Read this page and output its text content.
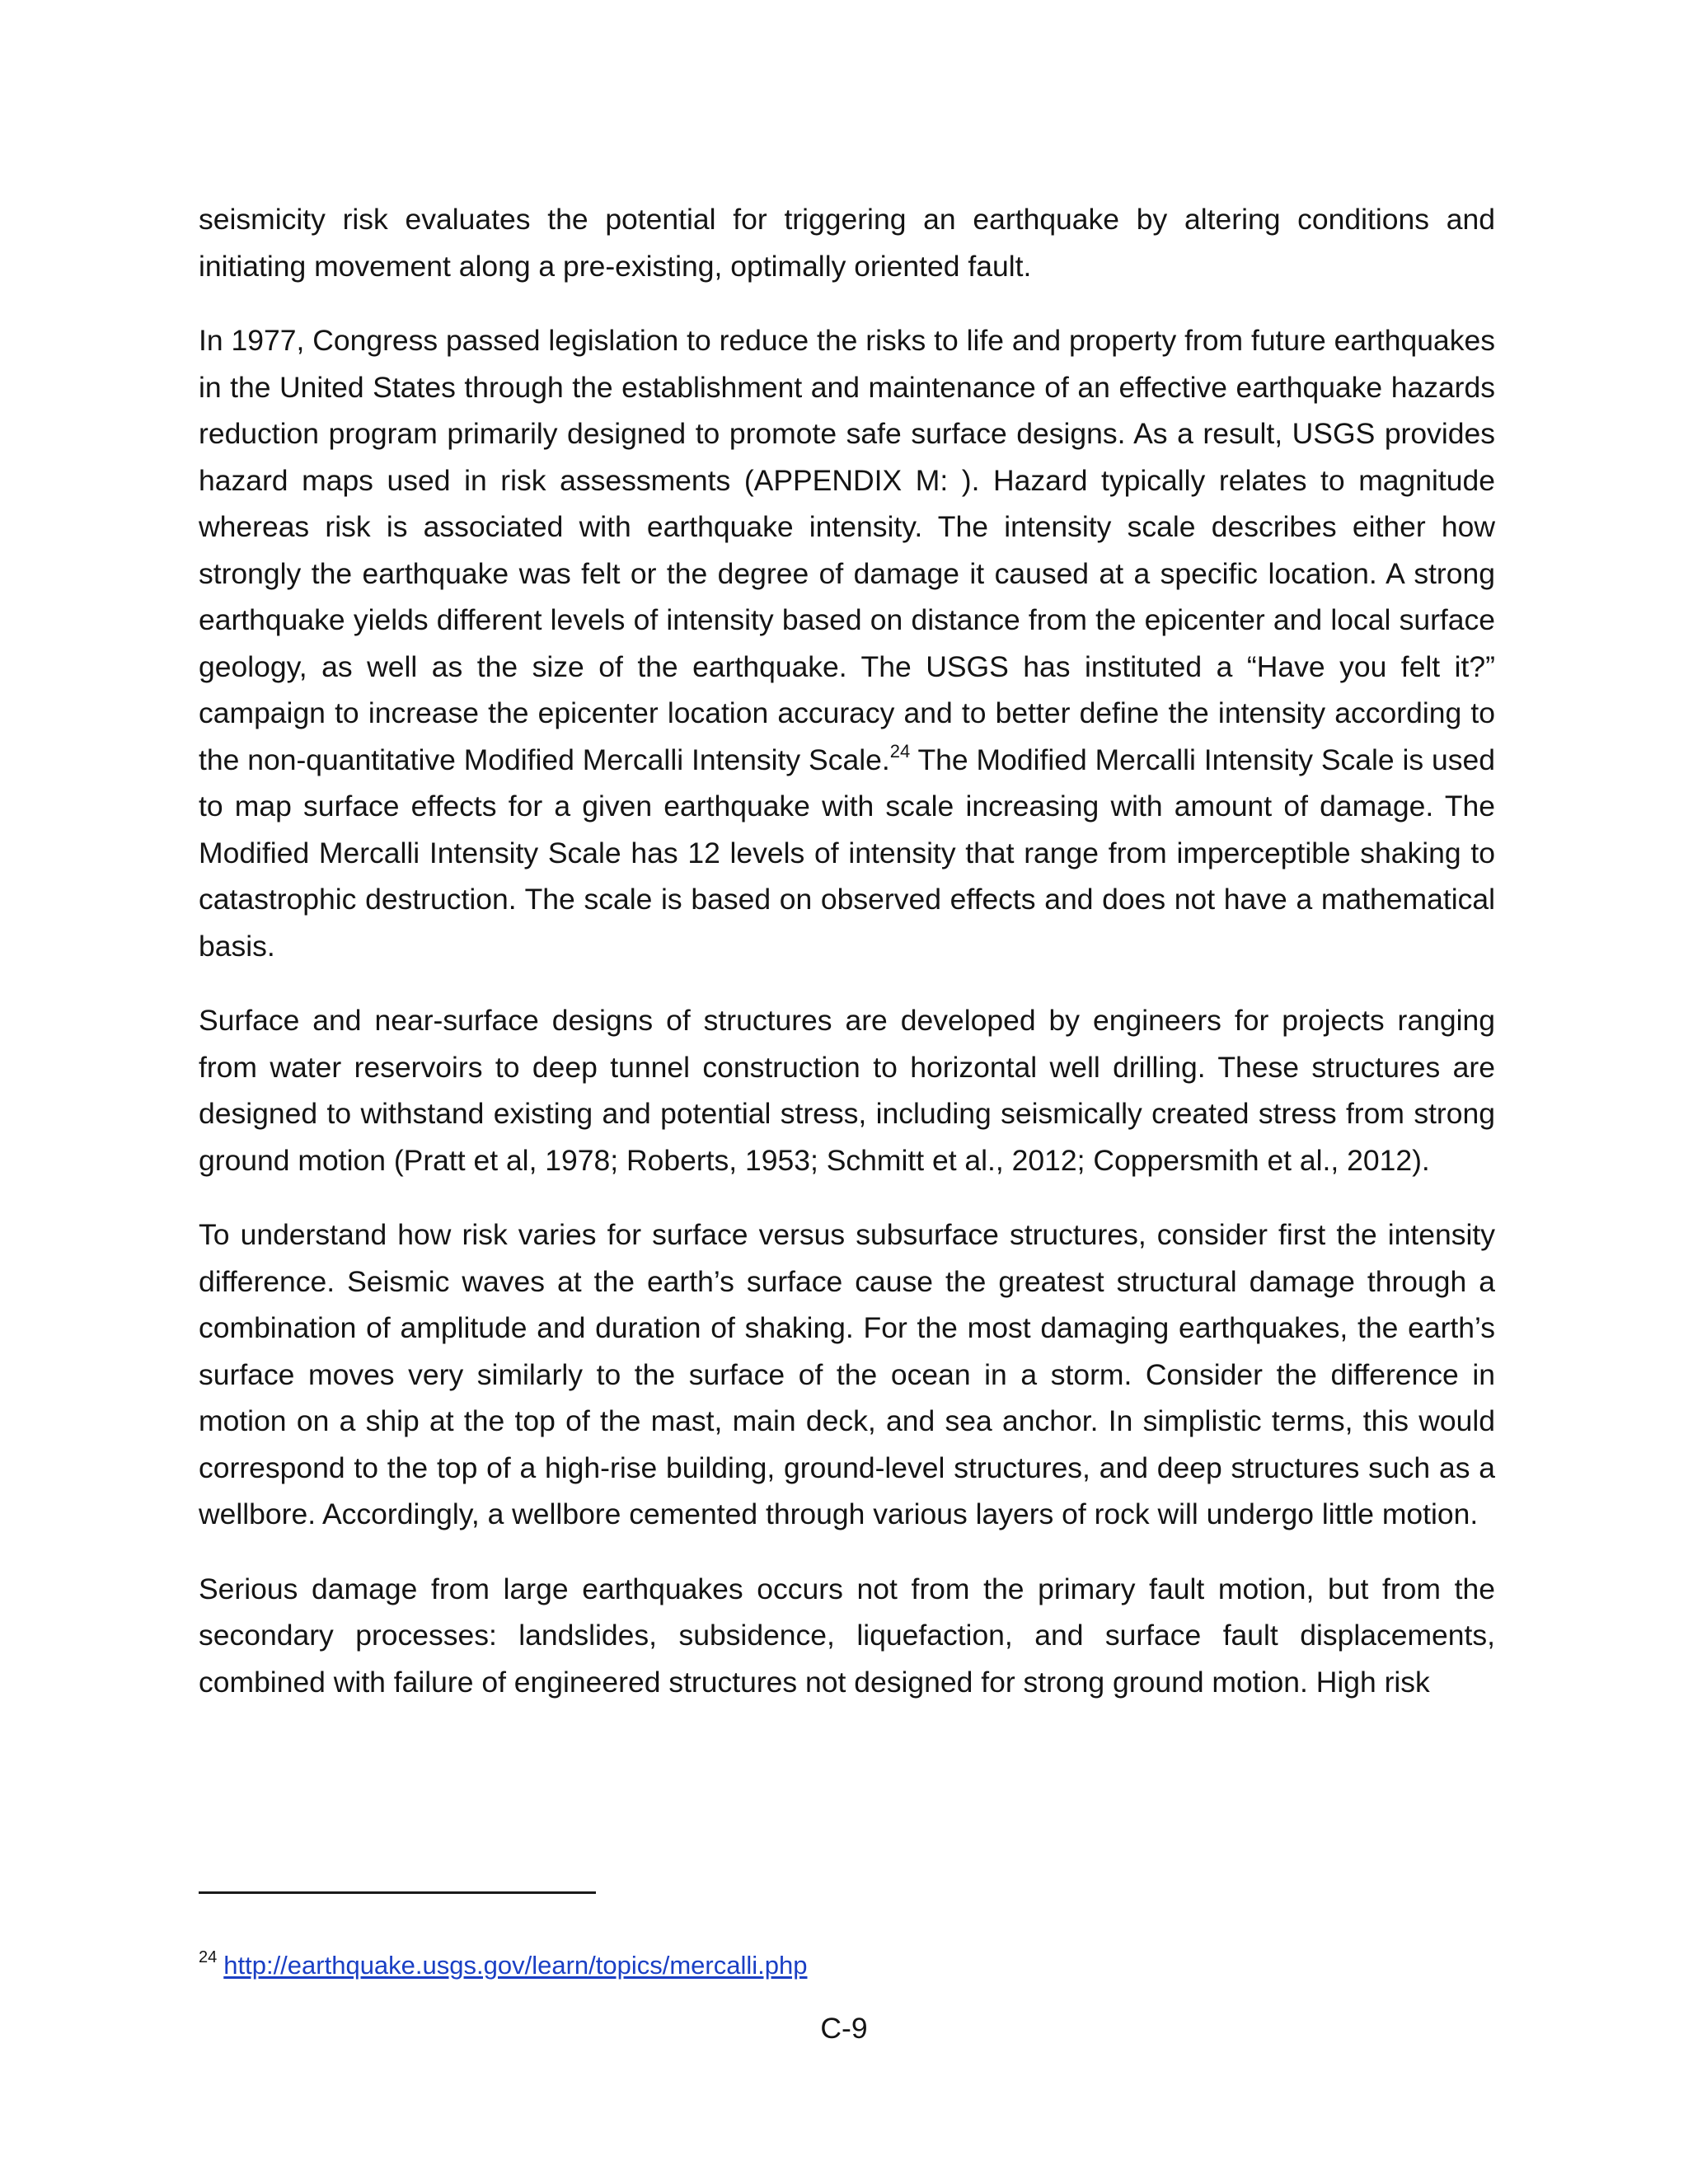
seismicity risk evaluates the potential for triggering an earthquake by altering conditions and initiating movement along a pre-existing, optimally oriented fault.

In 1977, Congress passed legislation to reduce the risks to life and property from future earthquakes in the United States through the establishment and maintenance of an effective earthquake hazards reduction program primarily designed to promote safe surface designs. As a result, USGS provides hazard maps used in risk assessments (APPENDIX M: ). Hazard typically relates to magnitude whereas risk is associated with earthquake intensity. The intensity scale describes either how strongly the earthquake was felt or the degree of damage it caused at a specific location. A strong earthquake yields different levels of intensity based on distance from the epicenter and local surface geology, as well as the size of the earthquake. The USGS has instituted a “Have you felt it?” campaign to increase the epicenter location accuracy and to better define the intensity according to the non-quantitative Modified Mercalli Intensity Scale.$^{24}$ The Modified Mercalli Intensity Scale is used to map surface effects for a given earthquake with scale increasing with amount of damage. The Modified Mercalli Intensity Scale has 12 levels of intensity that range from imperceptible shaking to catastrophic destruction. The scale is based on observed effects and does not have a mathematical basis.

Surface and near-surface designs of structures are developed by engineers for projects ranging from water reservoirs to deep tunnel construction to horizontal well drilling. These structures are designed to withstand existing and potential stress, including seismically created stress from strong ground motion (Pratt et al, 1978; Roberts, 1953; Schmitt et al., 2012; Coppersmith et al., 2012).

To understand how risk varies for surface versus subsurface structures, consider first the intensity difference. Seismic waves at the earth’s surface cause the greatest structural damage through a combination of amplitude and duration of shaking. For the most damaging earthquakes, the earth’s surface moves very similarly to the surface of the ocean in a storm. Consider the difference in motion on a ship at the top of the mast, main deck, and sea anchor. In simplistic terms, this would correspond to the top of a high-rise building, ground-level structures, and deep structures such as a wellbore. Accordingly, a wellbore cemented through various layers of rock will undergo little motion.

Serious damage from large earthquakes occurs not from the primary fault motion, but from the secondary processes: landslides, subsidence, liquefaction, and surface fault displacements, combined with failure of engineered structures not designed for strong ground motion. High risk

$^{24}$ http://earthquake.usgs.gov/learn/topics/mercalli.php
C-9
